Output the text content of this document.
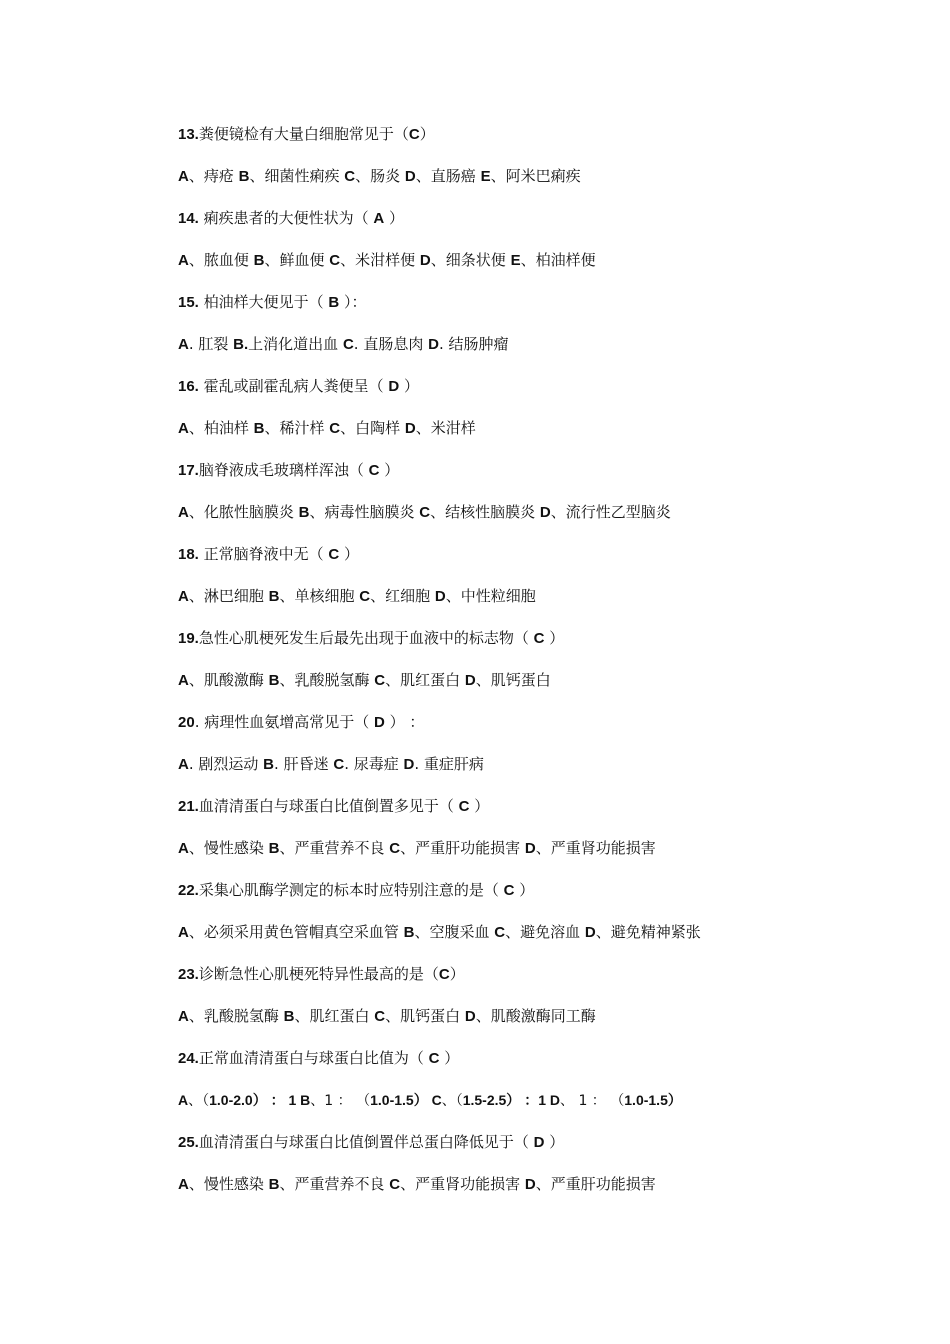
13.粪便镜检有大量白细胞常见于（C）
A、痔疮 B、细菌性痢疾 C、肠炎 D、直肠癌 E、阿米巴痢疾
14. 痢疾患者的大便性状为（ A ）
A、脓血便 B、鲜血便 C、米泔样便 D、细条状便 E、柏油样便
15. 柏油样大便见于（ B ）：
A. 肛裂 B.上消化道出血 C. 直肠息肉 D. 结肠肿瘤
16. 霍乱或副霍乱病人粪便呈（ D ）
A、柏油样 B、稀汁样 C、白陶样 D、米泔样
17.脑脊液成毛玻璃样浑浊（ C ）
A、化脓性脑膜炎 B、病毒性脑膜炎 C、结核性脑膜炎 D、流行性乙型脑炎
18. 正常脑脊液中无（ C ）
A、淋巴细胞 B、单核细胞 C、红细胞 D、中性粒细胞
19.急性心肌梗死发生后最先出现于血液中的标志物（ C ）
A、肌酸激酶 B、乳酸脱氢酶 C、肌红蛋白 D、肌钙蛋白
20. 病理性血氨增高常见于（ D ） ：
A. 剧烈运动 B. 肝昏迷 C. 尿毒症 D. 重症肝病
21.血清清蛋白与球蛋白比值倒置多见于（ C ）
A、慢性感染 B、严重营养不良 C、严重肝功能损害 D、严重肾功能损害
22.采集心肌酶学测定的标本时应特别注意的是（ C ）
A、必须采用黄色管帽真空采血管 B、空腹采血 C、避免溶血 D、避免精神紧张
23.诊断急性心肌梗死特异性最高的是（C）
A、乳酸脱氢酶 B、肌红蛋白 C、肌钙蛋白 D、肌酸激酶同工酶
24.正常血清清蛋白与球蛋白比值为（ C ）
A、（1.0-2.0） ： 1 B、1 ： （1.0-1.5） C、（1.5-2.5） ：1 D、 1 ： （1.0-1.5）
25.血清清蛋白与球蛋白比值倒置伴总蛋白降低见于（ D ）
A、慢性感染 B、严重营养不良 C、严重肾功能损害 D、严重肝功能损害
